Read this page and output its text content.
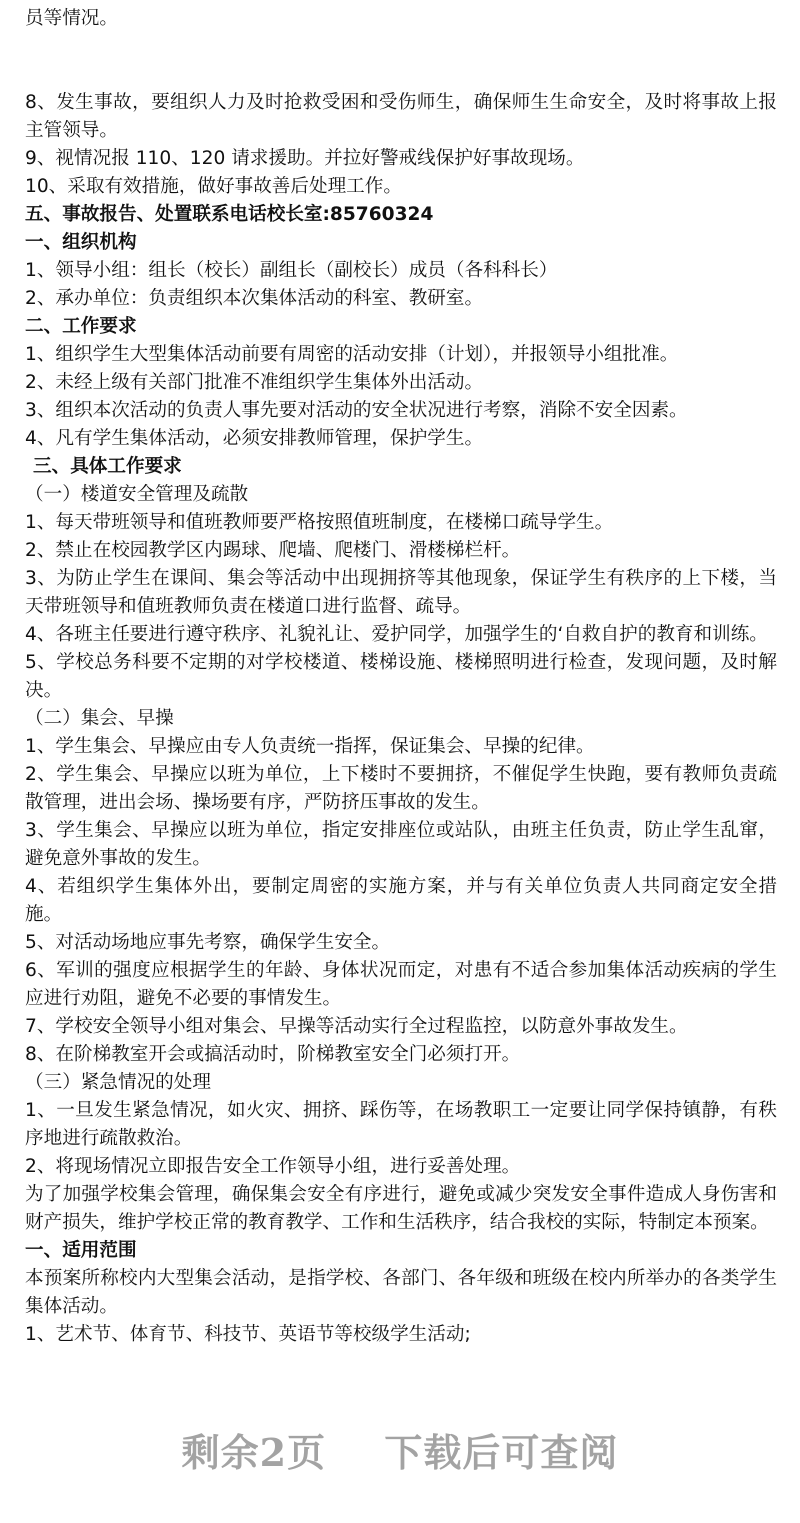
员等情况。

8、发生事故，要组织人力及时抢救受困和受伤师生，确保师生生命安全，及时将事故上报主管领导。

9、视情况报 110、120 请求援助。并拉好警戒线保护好事故现场。

10、采取有效措施，做好事故善后处理工作。

五、事故报告、处置联系电话校长室:85760324

一、组织机构

1、领导小组：组长（校长）副组长（副校长）成员（各科科长）

2、承办单位：负责组织本次集体活动的科室、教研室。

二、工作要求

1、组织学生大型集体活动前要有周密的活动安排（计划），并报领导小组批准。

2、未经上级有关部门批准不准组织学生集体外出活动。

3、组织本次活动的负责人事先要对活动的安全状况进行考察，消除不安全因素。

4、凡有学生集体活动，必须安排教师管理，保护学生。

三、具体工作要求

（一）楼道安全管理及疏散

1、每天带班领导和值班教师要严格按照值班制度，在楼梯口疏导学生。

2、禁止在校园教学区内踢球、爬墙、爬楼门、滑楼梯栏杆。

3、为防止学生在课间、集会等活动中出现拥挤等其他现象，保证学生有秩序的上下楼，当天带班领导和值班教师负责在楼道口进行监督、疏导。

4、各班主任要进行遵守秩序、礼貌礼让、爱护同学，加强学生的‘自救自护的教育和训练。

5、学校总务科要不定期的对学校楼道、楼梯设施、楼梯照明进行检查，发现问题，及时解决。

（二）集会、早操

1、学生集会、早操应由专人负责统一指挥，保证集会、早操的纪律。

2、学生集会、早操应以班为单位，上下楼时不要拥挤，不催促学生快跑，要有教师负责疏散管理，进出会场、操场要有序，严防挤压事故的发生。

3、学生集会、早操应以班为单位，指定安排座位或站队，由班主任负责，防止学生乱窜，避免意外事故的发生。

4、若组织学生集体外出，要制定周密的实施方案，并与有关单位负责人共同商定安全措施。

5、对活动场地应事先考察，确保学生安全。

6、军训的强度应根据学生的年龄、身体状况而定，对患有不适合参加集体活动疾病的学生应进行劝阻，避免不必要的事情发生。

7、学校安全领导小组对集会、早操等活动实行全过程监控，以防意外事故发生。

8、在阶梯教室开会或搞活动时，阶梯教室安全门必须打开。

（三）紧急情况的处理

1、一旦发生紧急情况，如火灾、拥挤、踩伤等，在场教职工一定要让同学保持镇静，有秩序地进行疏散救治。

2、将现场情况立即报告安全工作领导小组，进行妥善处理。

为了加强学校集会管理，确保集会安全有序进行，避免或减少突发安全事件造成人身伤害和财产损失，维护学校正常的教育教学、工作和生活秩序，结合我校的实际，特制定本预案。

一、适用范围

本预案所称校内大型集会活动，是指学校、各部门、各年级和班级在校内所举办的各类学生集体活动。

1、艺术节、体育节、科技节、英语节等校级学生活动;

剩余2页 下载后可查阅
